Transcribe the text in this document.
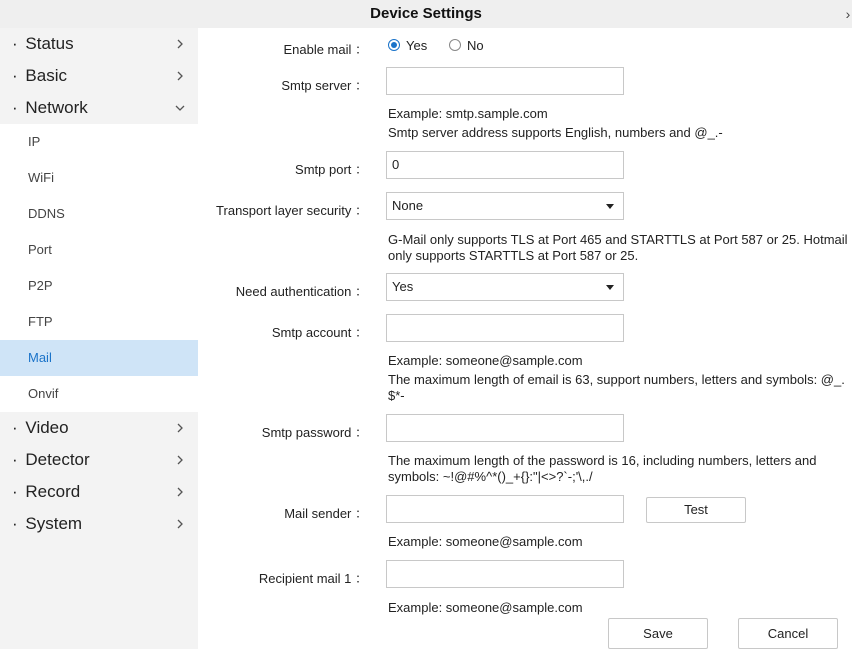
Device Settings	›
· Status
· Basic
· Network
IP
WiFi
DDNS
Port
P2P
FTP
Mail
Onvif
· Video
· Detector
· Record
· System
Enable mail ：	Yes	No
Smtp server ：
Example: smtp.sample.com
Smtp server address supports English, numbers and @_.-
Smtp port ：	0
Transport layer security ：	None
G-Mail only supports TLS at Port 465 and STARTTLS at Port 587 or 25. Hotmail
only supports STARTTLS at Port 587 or 25.
Need authentication ：	Yes
Smtp account ：
Example: someone@sample.com
The maximum length of email is 63, support numbers, letters and symbols: @_.
$*-
Smtp password ：
The maximum length of the password is 16, including numbers, letters and
symbols: ~!@#%^*()_+{}:"|<>?`-;'\,./
Mail sender ：	Test
Example: someone@sample.com
Recipient mail 1 ：
Example: someone@sample.com
Save	Cancel
